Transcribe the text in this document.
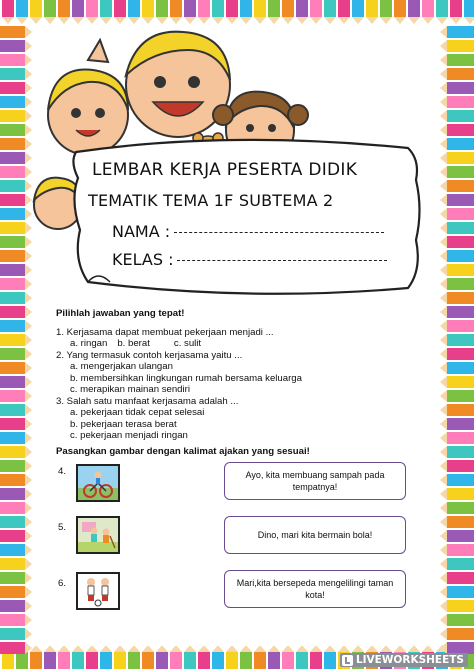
LEMBAR KERJA PESERTA DIDIK
TEMATIK TEMA 1F SUBTEMA 2
NAMA :
KELAS :
Pilihlah jawaban yang tepat!
1. Kerjasama dapat membuat pekerjaan menjadi ...
a. ringan b. berat	c. sulit
2. Yang termasuk contoh kerjasama yaitu ...
a. mengerjakan ulangan
b. membersihkan lingkungan rumah bersama keluarga
c. merapikan mainan sendiri
3. Salah satu manfaat kerjasama adalah ...
a. pekerjaan tidak cepat selesai
b. pekerjaan terasa berat
c. pekerjaan menjadi ringan
Pasangkan gambar dengan kalimat ajakan yang sesuai!
4.
5.
6.
Ayo, kita membuang sampah pada tempatnya!
Dino, mari kita bermain bola!
Mari,kita bersepeda mengelilingi taman kota!
LIVEWORKSHEETS
